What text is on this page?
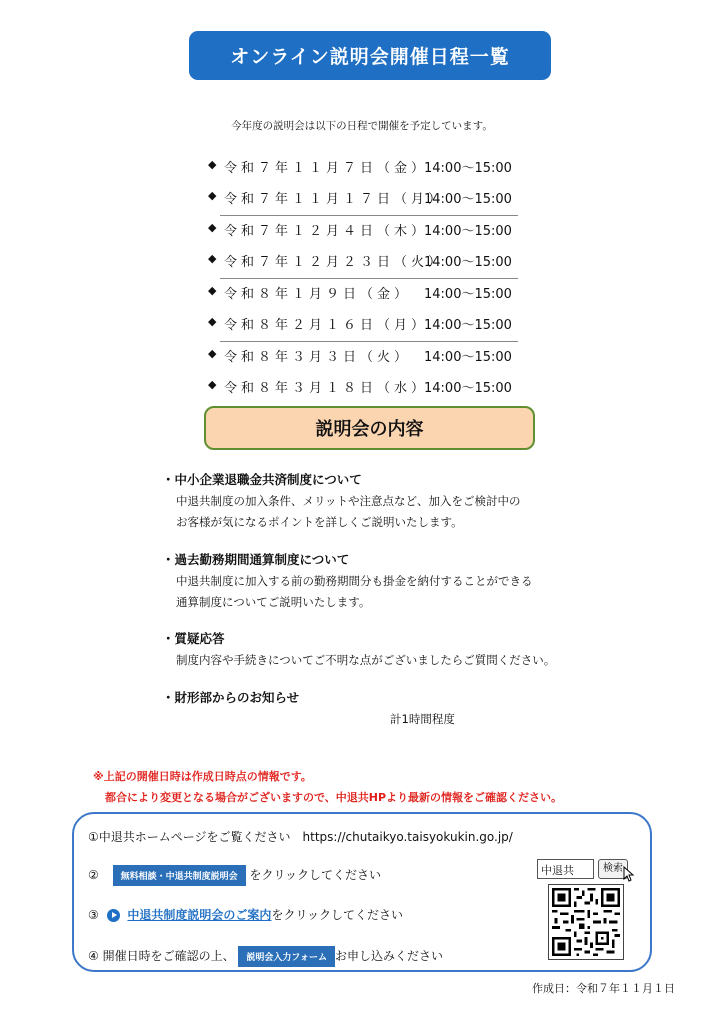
オンライン説明会開催日程一覧
今年度の説明会は以下の日程で開催を予定しています。
◆ 令和７年１１月７日（金）
14:00～15:00
◆ 令和７年１１月１７日（月）
14:00～15:00
◆ 令和７年１２月４日（木）
14:00～15:00
◆ 令和７年１２月２３日（火）
14:00～15:00
◆ 令和８年１月９日（金） 14:00～15:00
◆ 令和８年２月１６日（月）
14:00～15:00
◆ 令和８年３月３日（火） 14:00～15:00
◆ 令和８年３月１８日（水）
14:00～15:00
説明会の内容
・中小企業退職金共済制度について
中退共制度の加入条件、メリットや注意点など、加入をご検討中の
お客様が気になるポイントを詳しくご説明いたします。
・過去勤務期間通算制度について
中退共制度に加入する前の勤務期間分も掛金を納付することができる
通算制度についてご説明いたします。
・質疑応答
制度内容や手続きについてご不明な点がございましたらご質問ください。
・財形部からのお知らせ
計1時間程度
※上記の開催日時は作成日時点の情報です。
都合により変更となる場合がございますので、中退共HPより最新の情報をご確認ください。
①中退共ホームページをご覧ください　https://chutaikyo.taisyokukin.go.jp/
② 無料相談・中退共制度説明会 をクリックしてください
③ 中退共制度説明会のご案内をクリックしてください
④ 開催日時をご確認の上、 説明会入力フォーム お申し込みください
中退共	検索
作成日：令和７年１１月１日
